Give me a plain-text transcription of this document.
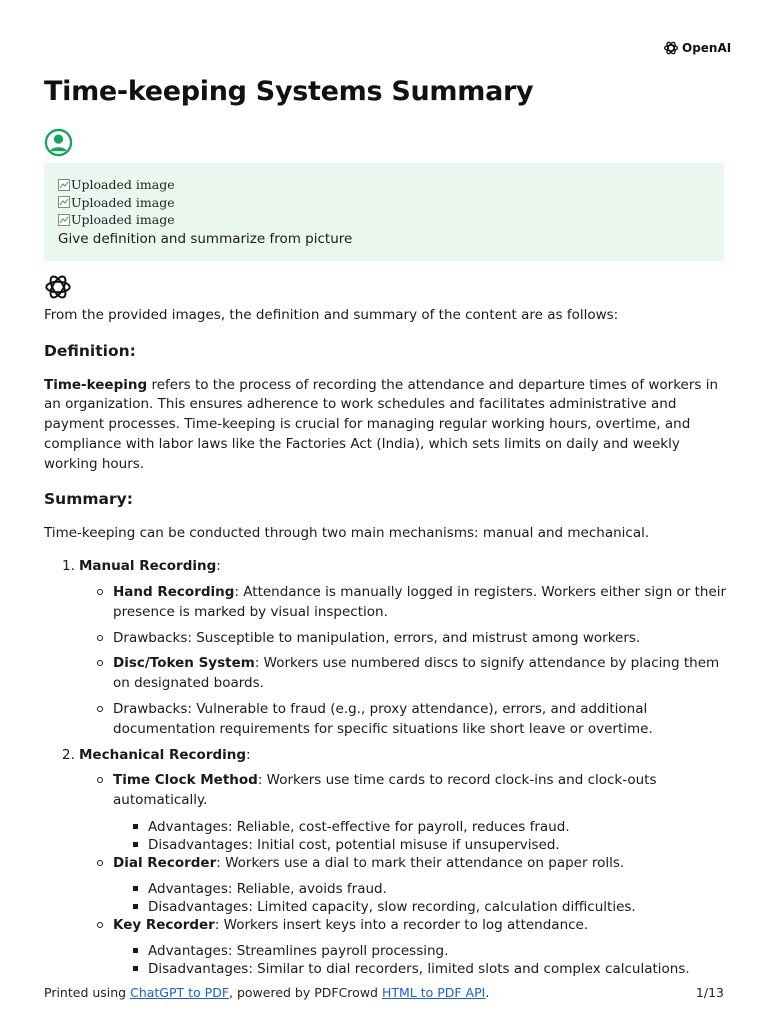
OpenAI
Time-keeping Systems Summary
Uploaded image
Uploaded image
Uploaded image
Give definition and summarize from picture

From the provided images, the definition and summary of the content are as follows:

Definition:

Time-keeping refers to the process of recording the attendance and departure times of workers in an organization. This ensures adherence to work schedules and facilitates administrative and payment processes. Time-keeping is crucial for managing regular working hours, overtime, and compliance with labor laws like the Factories Act (India), which sets limits on daily and weekly working hours.

Summary:

Time-keeping can be conducted through two main mechanisms: manual and mechanical.

1. Manual Recording:
Hand Recording: Attendance is manually logged in registers. Workers either sign or their presence is marked by visual inspection.
Drawbacks: Susceptible to manipulation, errors, and mistrust among workers.
Disc/Token System: Workers use numbered discs to signify attendance by placing them on designated boards.
Drawbacks: Vulnerable to fraud (e.g., proxy attendance), errors, and additional documentation requirements for specific situations like short leave or overtime.
2. Mechanical Recording:
Time Clock Method: Workers use time cards to record clock-ins and clock-outs automatically.
Advantages: Reliable, cost-effective for payroll, reduces fraud.
Disadvantages: Initial cost, potential misuse if unsupervised.
Dial Recorder: Workers use a dial to mark their attendance on paper rolls.
Advantages: Reliable, avoids fraud.
Disadvantages: Limited capacity, slow recording, calculation difficulties.
Key Recorder: Workers insert keys into a recorder to log attendance.
Advantages: Streamlines payroll processing.
Disadvantages: Similar to dial recorders, limited slots and complex calculations.
Printed using ChatGPT to PDF, powered by PDFCrowd HTML to PDF API.	1/13
